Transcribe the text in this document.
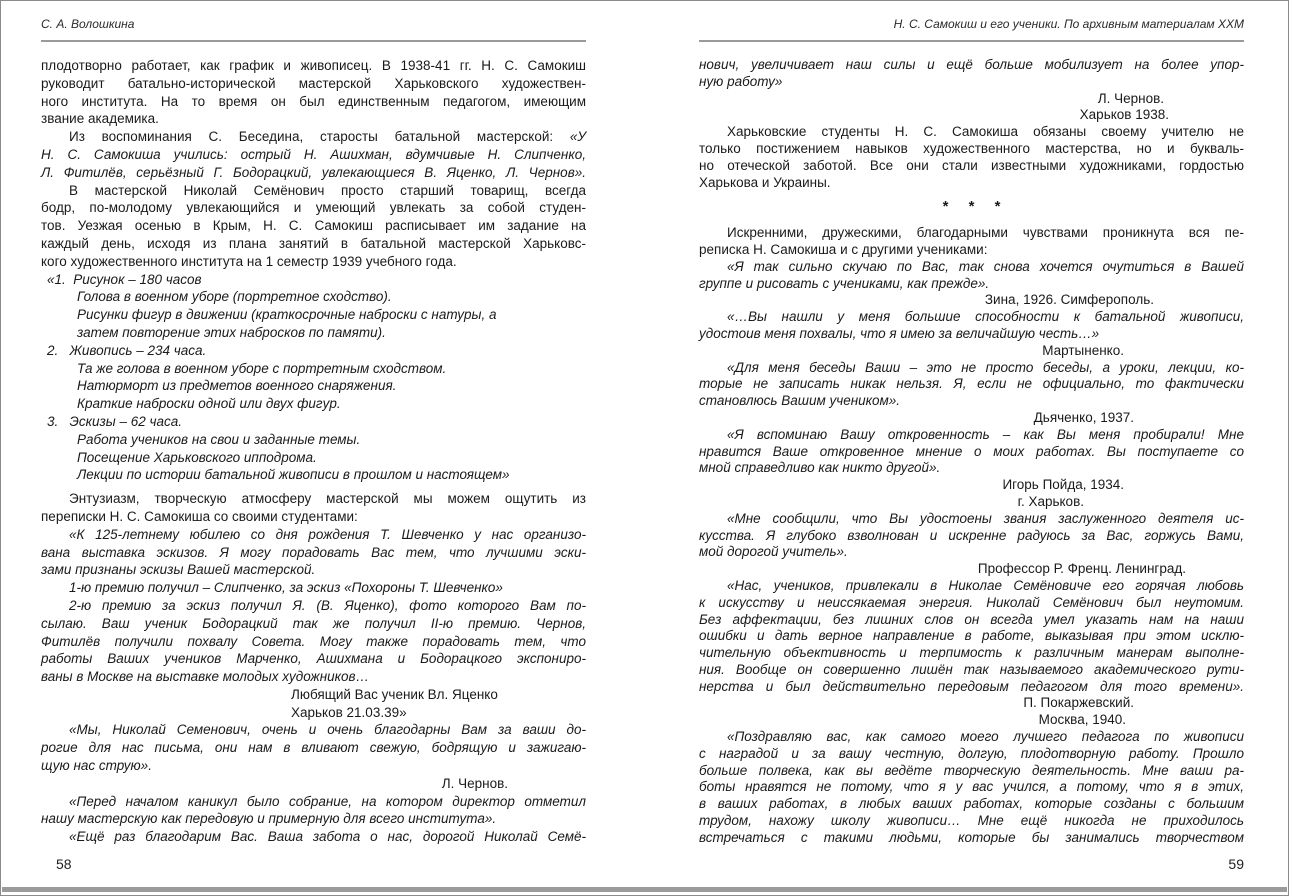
С. А. Волошкина
плодотворно работает, как график и живописец. В 1938-41 гг. Н. С. Самокиш
руководит батально-исторической мастерской Харьковского художествен-
ного института. На то время он был единственным педагогом, имеющим
звание академика.
Из воспоминания С. Беседина, старосты батальной мастерской: «У
Н. С. Самокиша учились: острый Н. Ашихман, вдумчивые Н. Слипченко,
Л. Фитилёв, серьёзный Г. Бодорацкий, увлекающиеся В. Яценко, Л. Чернов».
В мастерской Николай Семёнович просто старший товарищ, всегда
бодр, по-молодому увлекающийся и умеющий увлекать за собой студен-
тов. Уезжая осенью в Крым, Н. С. Самокиш расписывает им задание на
каждый день, исходя из плана занятий в батальной мастерской Харьковс-
кого художественного института на 1 семестр 1939 учебного года.
«1.  Рисунок – 180 часов
Голова в военном уборе (портретное сходство).
Рисунки фигур в движении (краткосрочные наброски с натуры, а
затем повторение этих набросков по памяти).
2.   Живопись – 234 часа.
Та же голова в военном уборе с портретным сходством.
Натюрморт из предметов военного снаряжения.
Краткие наброски одной или двух фигур.
3.   Эскизы – 62 часа.
Работа учеников на свои и заданные темы.
Посещение Харьковского ипподрома.
Лекции по истории батальной живописи в прошлом и настоящем»
Энтузиазм, творческую атмосферу мастерской мы можем ощутить из
переписки Н. С. Самокиша со своими студентами:
«К 125-летнему юбилею со дня рождения Т. Шевченко у нас организо-
вана выставка эскизов. Я могу порадовать Вас тем, что лучшими эски-
зами признаны эскизы Вашей мастерской.
1-ю премию получил – Слипченко, за эскиз «Похороны Т. Шевченко»
2-ю премию за эскиз получил Я. (В. Яценко), фото которого Вам по-
сылаю. Ваш ученик Бодорацкий так же получил II-ю премию. Чернов,
Фитилёв получили похвалу Совета. Могу также порадовать тем, что
работы Ваших учеников Марченко, Ашихмана и Бодорацкого экспониро-
ваны в Москве на выставке молодых художников…
Любящий Вас ученик Вл. Яценко
Харьков 21.03.39»
«Мы, Николай Семенович, очень и очень благодарны Вам за ваши до-
рогие для нас письма, они нам в вливают свежую, бодрящую и зажигаю-
щую нас струю».
Л. Чернов.
«Перед началом каникул было собрание, на котором директор отметил
нашу мастерскую как передовую и примерную для всего института».
«Ещё раз благодарим Вас. Ваша забота о нас, дорогой Николай Семё-
Н. С. Самокиш и его ученики. По архивным материалам ХХМ
нович, увеличивает наш силы и ещё больше мобилизует на более упор-
ную работу»
Л. Чернов.
Харьков 1938.
Харьковские студенты Н. С. Самокиша обязаны своему учителю не
только постижением навыков художественного мастерства, но и букваль-
но отеческой заботой. Все они стали известными художниками, гордостью
Харькова и Украины.
* * *
Искренними, дружескими, благодарными чувствами проникнута вся пе-
реписка Н. Самокиша и с другими учениками:
«Я так сильно скучаю по Вас, так снова хочется очутиться в Вашей
группе и рисовать с учениками, как прежде».
Зина, 1926. Симферополь.
«…Вы нашли у меня большие способности к батальной живописи,
удостоив меня похвалы, что я имею за величайшую честь…»
Мартыненко.
«Для меня беседы Ваши – это не просто беседы, а уроки, лекции, ко-
торые не записать никак нельзя. Я, если не официально, то фактически
становлюсь Вашим учеником».
Дьяченко, 1937.
«Я вспоминаю Вашу откровенность – как Вы меня пробирали! Мне
нравится Ваше откровенное мнение о моих работах. Вы поступаете со
мной справедливо как никто другой».
Игорь Пойда, 1934.
г. Харьков.
«Мне сообщили, что Вы удостоены звания заслуженного деятеля ис-
кусства. Я глубоко взволнован и искренне радуюсь за Вас, горжусь Вами,
мой дорогой учитель».
Профессор Р. Френц. Ленинград.
«Нас, учеников, привлекали в Николае Семёновиче его горячая любовь
к искусству и неиссякаемая энергия. Николай Семёнович был неутомим.
Без аффектации, без лишних слов он всегда умел указать нам на наши
ошибки и дать верное направление в работе, выказывая при этом исклю-
чительную объективность и терпимость к различным манерам выполне-
ния. Вообще он совершенно лишён так называемого академического рути-
нерства и был действительно передовым педагогом для того времени».
П. Покаржевский.
Москва, 1940.
«Поздравляю вас, как самого моего лучшего педагога по живописи
с наградой и за вашу честную, долгую, плодотворную работу. Прошло
больше полвека, как вы ведёте творческую деятельность. Мне ваши ра-
боты нравятся не потому, что я у вас учился, а потому, что я в этих,
в ваших работах, в любых ваших работах, которые созданы с большим
трудом, нахожу школу живописи… Мне ещё никогда не приходилось
встречаться с такими людьми, которые бы занимались творчеством
58	59
